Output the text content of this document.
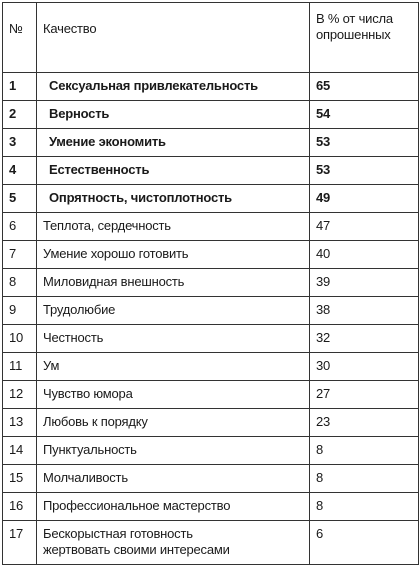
№	Качество	В % от числа
опрошенных

1	Сексуальная привлекательность	65
2	Верность	54
3	Умение экономить	53
4	Естественность	53
5	Опрятность, чистоплотность	49
6	Теплота, сердечность	47
7	Умение хорошо готовить	40
8	Миловидная внешность	39
9	Трудолюбие	38
10	Честность	32
11	Ум	30
12	Чувство юмора	27
13	Любовь к порядку	23
14	Пунктуальность	8
15	Молчаливость	8
16	Профессиональное мастерство	8
17	Бескорыстная готовность
жертвовать своими интересами	6
